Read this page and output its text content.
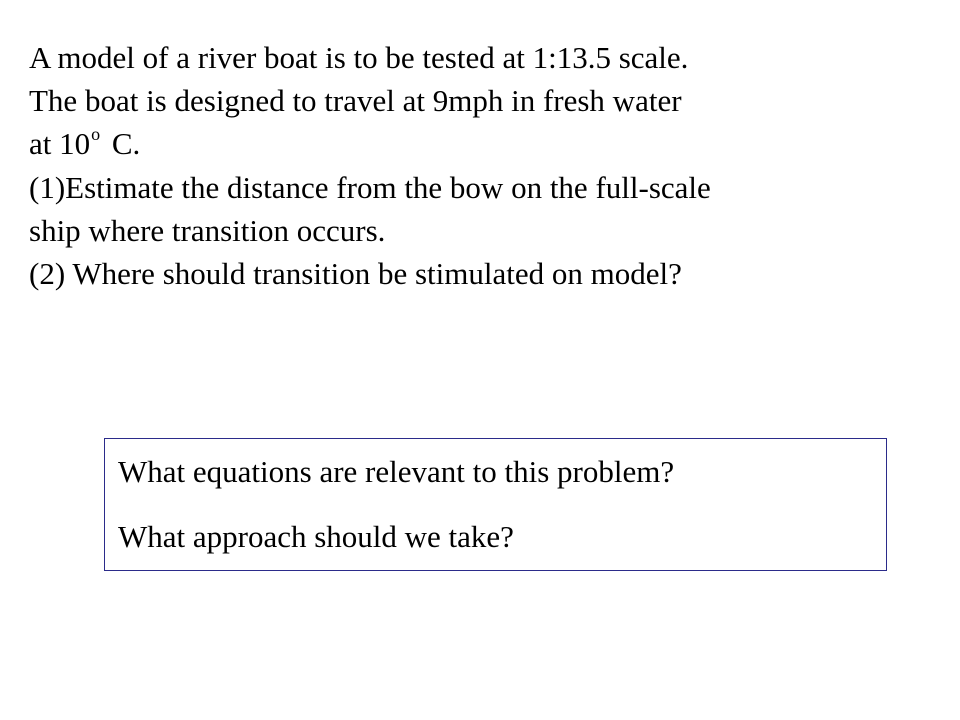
A model of a river boat is to be tested at 1:13.5 scale.
The boat is designed to travel at 9mph in fresh water
at 10$^o$ C.
(1)Estimate the distance from the bow on the full-scale
ship where transition occurs.
(2) Where should transition be stimulated on model?
What equations are relevant to this problem?
What approach should we take?
